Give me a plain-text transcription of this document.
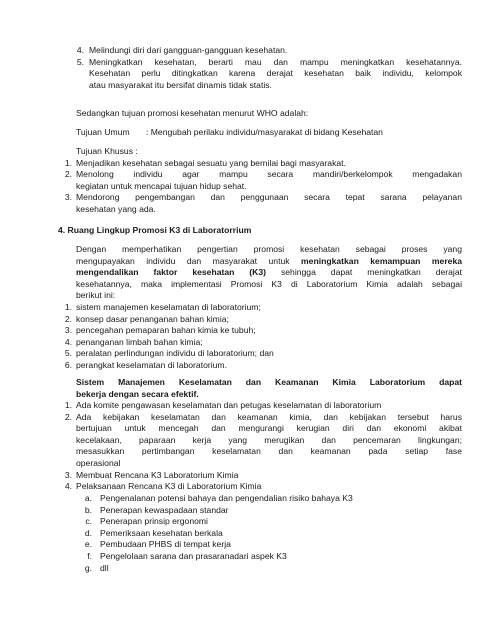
4. Melindungi diri dari gangguan-gangguan kesehatan.
5. Meningkatkan kesehatan, berarti mau dan mampu meningkatkan kesehatannya.
Kesehatan perlu ditingkatkan karena derajat kesehatan baik individu, kelompok
atau masyarakat itu bersifat dinamis tidak statis.
Sedangkan tujuan promosi kesehatan menurut WHO adalah:
Tujuan Umum : Mengubah perilaku individu/masyarakat di bidang Kesehatan
Tujuan Khusus :
1. Menjadikan kesehatan sebagai sesuatu yang bernilai bagi masyarakat.
2. Menolong individu agar mampu secara mandiri/berkelompok mengadakan
kegiatan untuk mencapai tujuan hidup sehat.
3. Mendorong pengembangan dan penggunaan secara tepat sarana pelayanan
kesehatan yang ada.
4. Ruang Lingkup Promosi K3 di Laboratorrium
Dengan memperhatikan pengertian promosi kesehatan sebagai proses yang
mengupayakan individu dan masyarakat untuk meningkatkan kemampuan mereka
mengendalikan faktor kesehatan (K3) sehingga dapat meningkatkan derajat
kesehatannya, maka implementasi Promosi K3 di Laboratorium Kimia adalah sebagai
berikut ini:
1. sistem manajemen keselamatan di laboratorium;
2. konsep dasar penanganan bahan kimia;
3. pencegahan pemaparan bahan kimia ke tubuh;
4. penanganan limbah bahan kimia;
5. peralatan perlindungan individu di laboratorium; dan
6. perangkat keselamatan di laboratorium.
Sistem Manajemen Keselamatan dan Keamanan Kimia Laboratorium dapat
bekerja dengan secara efektif.
1. Ada komite pengawasan keselamatan dan petugas keselamatan di laboratorium
2. Ada kebijakan keselamatan dan keamanan kimia, dan kebijakan tersebut harus
bertujuan untuk mencegah dan mengurangi kerugian diri dan ekonomi akibat
kecelakaan, paparaan kerja yang merugikan dan pencemaran lingkungan;
mesasukkan pertimbangan keselamatan dan keamanan pada setiap fase
operasional
3. Membuat Rencana K3 Laboratorium Kimia
4. Pelaksanaan Rencana K3 di Laboratorium Kimia
a. Pengenalanan potensi bahaya dan pengendalian risiko bahaya K3
b. Penerapan kewaspadaan standar
c. Penerapan prinsip ergonomi
d. Pemeriksaan kesehatan berkala
e. Pembudaan PHBS di tempat kerja
f. Pengelolaan sarana dan prasaranadari aspek K3
g. dll
